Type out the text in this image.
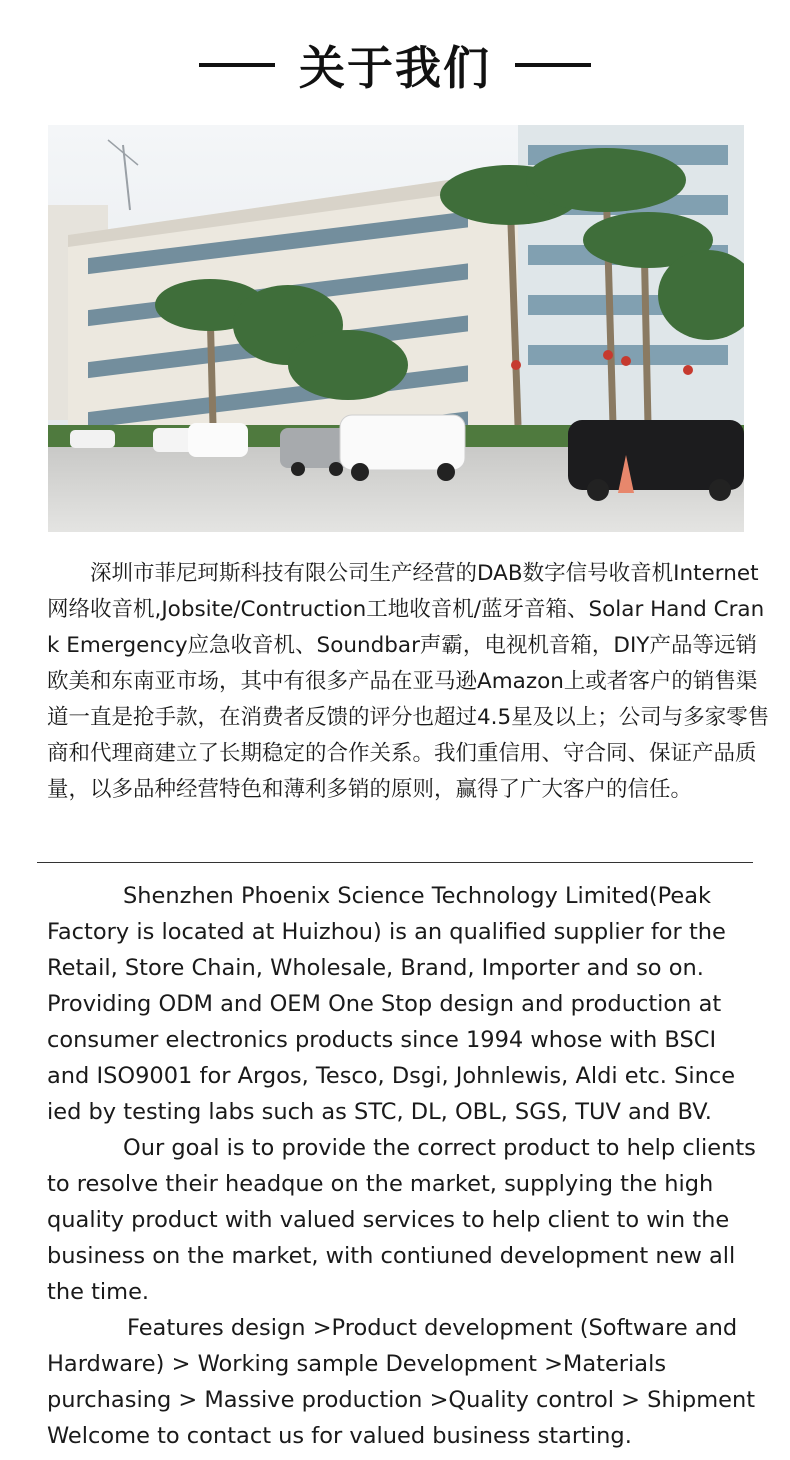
关于我们

深圳市菲尼珂斯科技有限公司生产经营的DAB数字信号收音机Internet网络收音机,Jobsite/Contruction工地收音机/蓝牙音箱、Solar Hand Crank Emergency应急收音机、Soundbar声霸，电视机音箱，DIY产品等远销欧美和东南亚市场，其中有很多产品在亚马逊Amazon上或者客户的销售渠道一直是抢手款，在消费者反馈的评分也超过4.5星及以上；公司与多家零售商和代理商建立了长期稳定的合作关系。我们重信用、守合同、保证产品质量，以多品种经营特色和薄利多销的原则，赢得了广大客户的信任。

Shenzhen Phoenix Science Technology Limited(Peak Factory is located at Huizhou) is an qualified supplier for the Retail, Store Chain, Wholesale, Brand, Importer and so on. Providing ODM and OEM One Stop design and production at consumer electronics products since 1994 whose with BSCI and ISO9001 for Argos, Tesco, Dsgi, Johnlewis, Aldi etc. Since ied by testing labs such as STC, DL, OBL, SGS, TUV and BV.

Our goal is to provide the correct product to help clients to resolve their headque on the market, supplying the high quality product with valued services to help client to win the business on the market, with contiuned development new all the time.

Features design >Product development (Software and Hardware) > Working sample Development >Materials purchasing > Massive production >Quality control > Shipment Welcome to contact us for valued business starting.
